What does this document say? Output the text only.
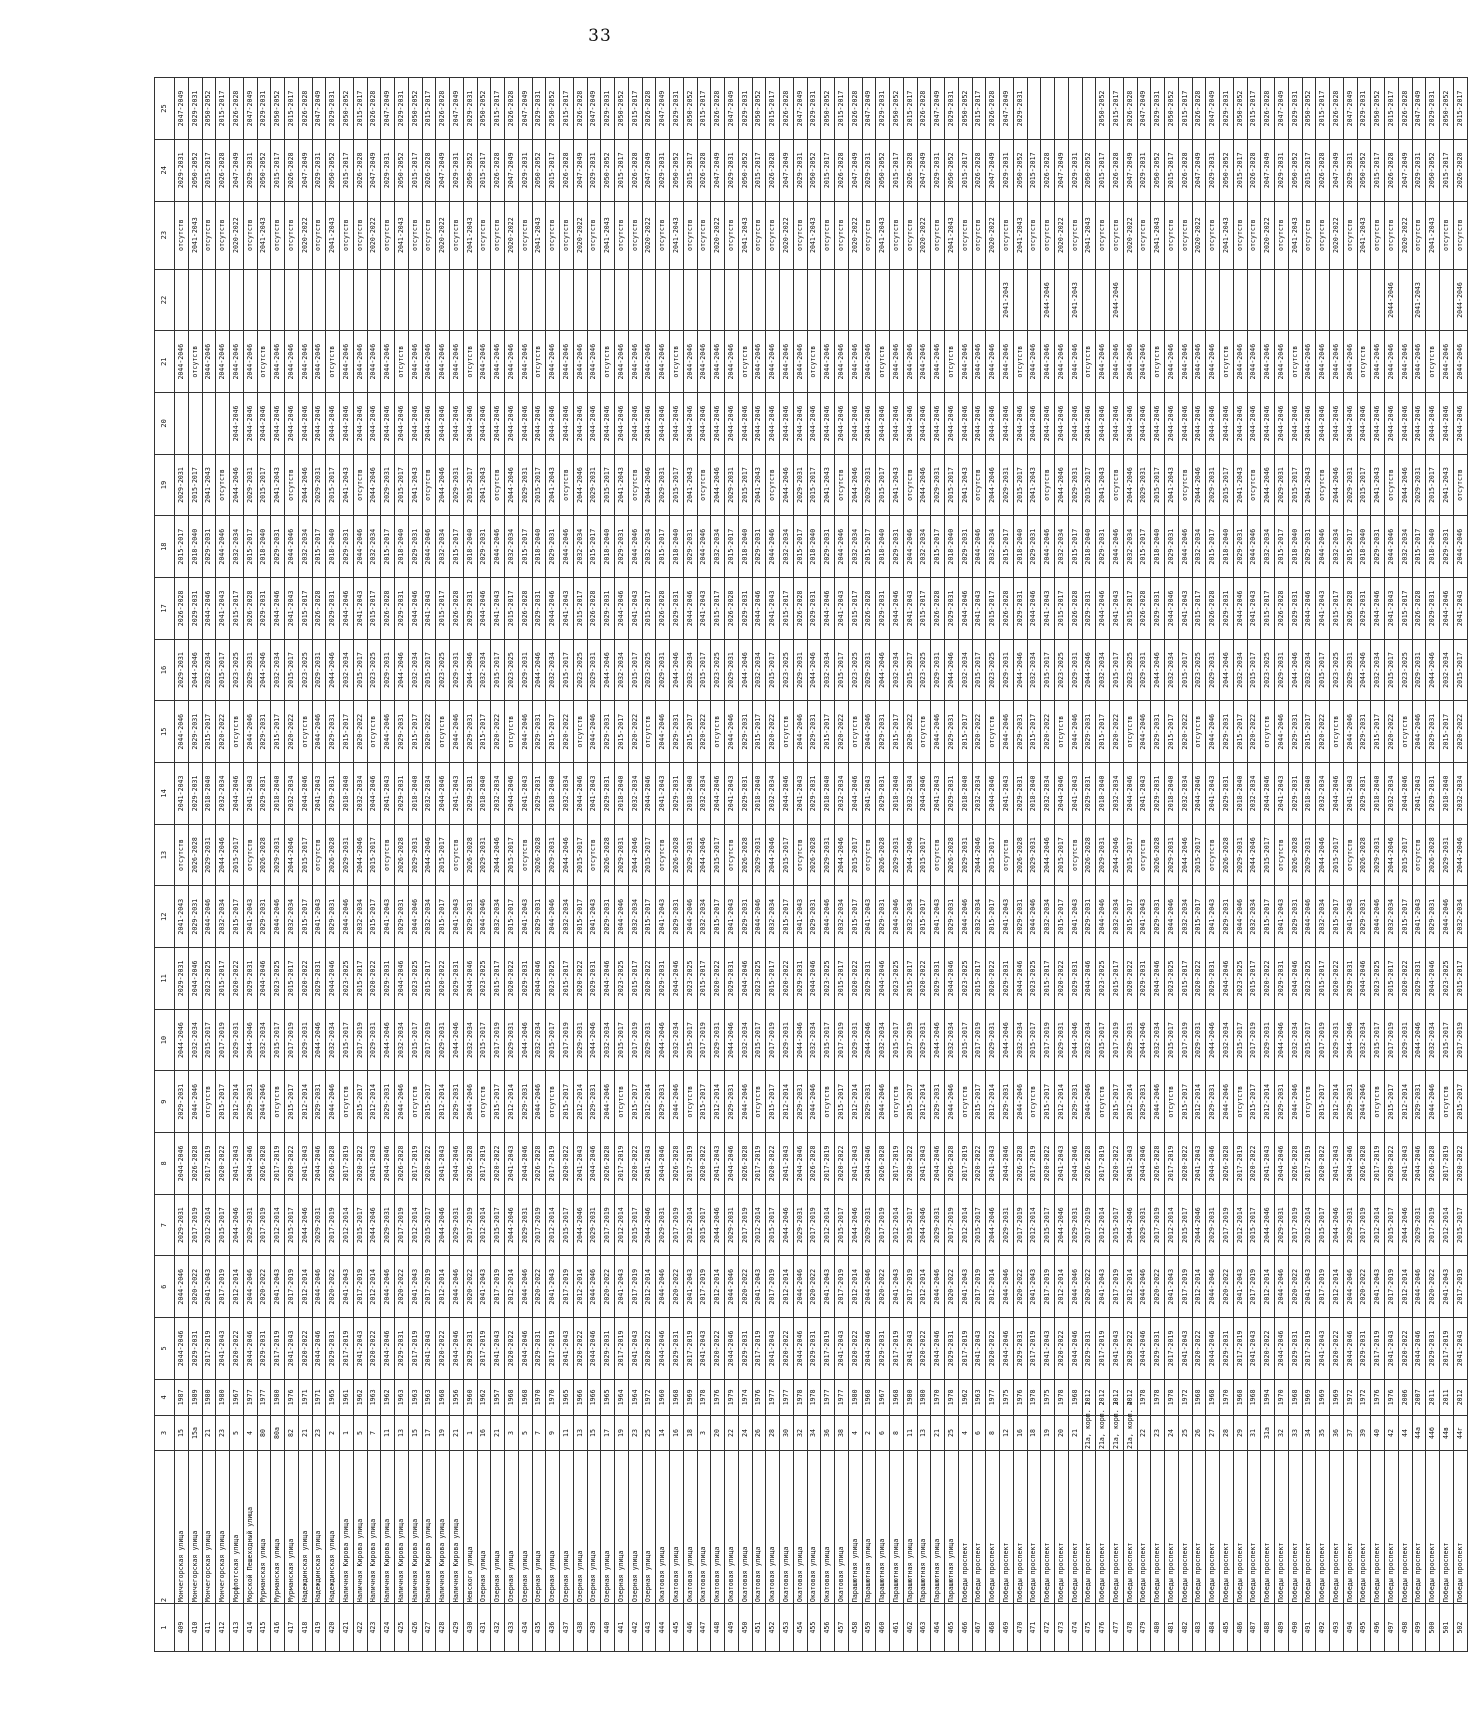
33
1	2	3	4	5	6	7	8	9	10	11	12	13	14	15	16	17	18	19	20	21	22	23	24	25
409	Мончегорская улица	15	1987	2044-2046	2044-2046	2029-2031	2044-2046	2029-2031	2044-2046	2029-2031	2041-2043	отсутств	2041-2043	2044-2046	2029-2031	2026-2028	2015-2017	2029-2031		2044-2046		отсутств	2029-2031	2047-2049
410	Мончегорская улица	15а	1989	2029-2031	2020-2022	2017-2019	2026-2028	2044-2046	2032-2034	2044-2046	2029-2031	2026-2028	2029-2031	2029-2031	2044-2046	2029-2031	2018-2040	2015-2017		отсутств		2041-2043	2050-2052	2029-2031
411	Мончегорская улица	21	1980	2017-2019	2041-2043	2012-2014	2017-2019	отсутств	2015-2017	2023-2025	2044-2046	2029-2031	2018-2040	2015-2017	2032-2034	2044-2046	2029-2031	2041-2043		2044-2046		отсутств	2015-2017	2050-2052
412	Мончегорская улица	23	1980	2041-2043	2017-2019	2015-2017	2020-2022	2015-2017	2017-2019	2015-2017	2032-2034	2044-2046	2032-2034	2020-2022	2015-2017	2041-2043	2044-2046	отсутств		2044-2046		отсутств	2026-2028	2015-2017
413	Морфлотская улица	5	1967	2020-2022	2012-2014	2044-2046	2041-2043	2012-2014	2029-2031	2020-2022	2015-2017	2015-2017	2044-2046	отсутств	2023-2025	2015-2017	2032-2034	2044-2046	2044-2046	2044-2046		2020-2022	2047-2049	2026-2028
414	Морской Пешеходный улица	4	1977	2044-2046	2044-2046	2029-2031	2044-2046	2029-2031	2044-2046	2029-2031	2041-2043	отсутств	2041-2043	2044-2046	2029-2031	2026-2028	2015-2017	2029-2031	2044-2046	2044-2046		отсутств	2029-2031	2047-2049
415	Мурманская улица	80	1977	2029-2031	2020-2022	2017-2019	2026-2028	2044-2046	2032-2034	2044-2046	2029-2031	2026-2028	2029-2031	2029-2031	2044-2046	2029-2031	2018-2040	2015-2017	2044-2046	отсутств		2041-2043	2050-2052	2029-2031
416	Мурманская улица	80а	1980	2017-2019	2041-2043	2012-2014	2017-2019	отсутств	2015-2017	2023-2025	2044-2046	2029-2031	2018-2040	2015-2017	2032-2034	2044-2046	2029-2031	2041-2043	2044-2046	2044-2046		отсутств	2015-2017	2050-2052
417	Мурманская улица	82	1976	2041-2043	2017-2019	2015-2017	2020-2022	2015-2017	2017-2019	2015-2017	2032-2034	2044-2046	2032-2034	2020-2022	2015-2017	2041-2043	2044-2046	отсутств	2044-2046	2044-2046		отсутств	2026-2028	2015-2017
418	Надеждинская улица	21	1971	2020-2022	2012-2014	2044-2046	2041-2043	2012-2014	2029-2031	2020-2022	2015-2017	2015-2017	2044-2046	отсутств	2023-2025	2015-2017	2032-2034	2044-2046	2044-2046	2044-2046		2020-2022	2047-2049	2026-2028
419	Надеждинская улица	23	1971	2044-2046	2044-2046	2029-2031	2044-2046	2029-2031	2044-2046	2029-2031	2041-2043	отсутств	2041-2043	2044-2046	2029-2031	2026-2028	2015-2017	2029-2031	2044-2046	2044-2046		отсутств	2029-2031	2047-2049
420	Надеждинская улица	2	1965	2029-2031	2020-2022	2017-2019	2026-2028	2044-2046	2032-2034	2044-2046	2029-2031	2026-2028	2029-2031	2029-2031	2044-2046	2029-2031	2018-2040	2015-2017	2044-2046	отсутств		2041-2043	2050-2052	2029-2031
421	Наличная Кирова улица	1	1961	2017-2019	2041-2043	2012-2014	2017-2019	отсутств	2015-2017	2023-2025	2044-2046	2029-2031	2018-2040	2015-2017	2032-2034	2044-2046	2029-2031	2041-2043	2044-2046	2044-2046		отсутств	2015-2017	2050-2052
422	Наличная Кирова улица	5	1962	2041-2043	2017-2019	2015-2017	2020-2022	2015-2017	2017-2019	2015-2017	2032-2034	2044-2046	2032-2034	2020-2022	2015-2017	2041-2043	2044-2046	отсутств	2044-2046	2044-2046		отсутств	2026-2028	2015-2017
423	Наличная Кирова улица	7	1963	2020-2022	2012-2014	2044-2046	2041-2043	2012-2014	2029-2031	2020-2022	2015-2017	2015-2017	2044-2046	отсутств	2023-2025	2015-2017	2032-2034	2044-2046	2044-2046	2044-2046		2020-2022	2047-2049	2026-2028
424	Наличная Кирова улица	11	1962	2044-2046	2044-2046	2029-2031	2044-2046	2029-2031	2044-2046	2029-2031	2041-2043	отсутств	2041-2043	2044-2046	2029-2031	2026-2028	2015-2017	2029-2031	2044-2046	2044-2046		отсутств	2029-2031	2047-2049
425	Наличная Кирова улица	13	1963	2029-2031	2020-2022	2017-2019	2026-2028	2044-2046	2032-2034	2044-2046	2029-2031	2026-2028	2029-2031	2029-2031	2044-2046	2029-2031	2018-2040	2015-2017	2044-2046	отсутств		2041-2043	2050-2052	2029-2031
426	Наличная Кирова улица	15	1963	2017-2019	2041-2043	2012-2014	2017-2019	отсутств	2015-2017	2023-2025	2044-2046	2029-2031	2018-2040	2015-2017	2032-2034	2044-2046	2029-2031	2041-2043	2044-2046	2044-2046		отсутств	2015-2017	2050-2052
427	Наличная Кирова улица	17	1963	2041-2043	2017-2019	2015-2017	2020-2022	2015-2017	2017-2019	2015-2017	2032-2034	2044-2046	2032-2034	2020-2022	2015-2017	2041-2043	2044-2046	отсутств	2044-2046	2044-2046		отсутств	2026-2028	2015-2017
428	Наличная Кирова улица	19	1968	2020-2022	2012-2014	2044-2046	2041-2043	2012-2014	2029-2031	2020-2022	2015-2017	2015-2017	2044-2046	отсутств	2023-2025	2015-2017	2032-2034	2044-2046	2044-2046	2044-2046		2020-2022	2047-2049	2026-2028
429	Наличная Кирова улица	21	1956	2044-2046	2044-2046	2029-2031	2044-2046	2029-2031	2044-2046	2029-2031	2041-2043	отсутств	2041-2043	2044-2046	2029-2031	2026-2028	2015-2017	2029-2031	2044-2046	2044-2046		отсутств	2029-2031	2047-2049
430	Невского улица	1	1960	2029-2031	2020-2022	2017-2019	2026-2028	2044-2046	2032-2034	2044-2046	2029-2031	2026-2028	2029-2031	2029-2031	2044-2046	2029-2031	2018-2040	2015-2017	2044-2046	отсутств		2041-2043	2050-2052	2029-2031
431	Озерная улица	16	1962	2017-2019	2041-2043	2012-2014	2017-2019	отсутств	2015-2017	2023-2025	2044-2046	2029-2031	2018-2040	2015-2017	2032-2034	2044-2046	2029-2031	2041-2043	2044-2046	2044-2046		отсутств	2015-2017	2050-2052
432	Озерная улица	21	1957	2041-2043	2017-2019	2015-2017	2020-2022	2015-2017	2017-2019	2015-2017	2032-2034	2044-2046	2032-2034	2020-2022	2015-2017	2041-2043	2044-2046	отсутств	2044-2046	2044-2046		отсутств	2026-2028	2015-2017
433	Озерная улица	3	1968	2020-2022	2012-2014	2044-2046	2041-2043	2012-2014	2029-2031	2020-2022	2015-2017	2015-2017	2044-2046	отсутств	2023-2025	2015-2017	2032-2034	2044-2046	2044-2046	2044-2046		2020-2022	2047-2049	2026-2028
434	Озерная улица	5	1968	2044-2046	2044-2046	2029-2031	2044-2046	2029-2031	2044-2046	2029-2031	2041-2043	отсутств	2041-2043	2044-2046	2029-2031	2026-2028	2015-2017	2029-2031	2044-2046	2044-2046		отсутств	2029-2031	2047-2049
435	Озерная улица	7	1970	2029-2031	2020-2022	2017-2019	2026-2028	2044-2046	2032-2034	2044-2046	2029-2031	2026-2028	2029-2031	2029-2031	2044-2046	2029-2031	2018-2040	2015-2017	2044-2046	отсутств		2041-2043	2050-2052	2029-2031
436	Озерная улица	9	1970	2017-2019	2041-2043	2012-2014	2017-2019	отсутств	2015-2017	2023-2025	2044-2046	2029-2031	2018-2040	2015-2017	2032-2034	2044-2046	2029-2031	2041-2043	2044-2046	2044-2046		отсутств	2015-2017	2050-2052
437	Озерная улица	11	1965	2041-2043	2017-2019	2015-2017	2020-2022	2015-2017	2017-2019	2015-2017	2032-2034	2044-2046	2032-2034	2020-2022	2015-2017	2041-2043	2044-2046	отсутств	2044-2046	2044-2046		отсутств	2026-2028	2015-2017
438	Озерная улица	13	1966	2020-2022	2012-2014	2044-2046	2041-2043	2012-2014	2029-2031	2020-2022	2015-2017	2015-2017	2044-2046	отсутств	2023-2025	2015-2017	2032-2034	2044-2046	2044-2046	2044-2046		2020-2022	2047-2049	2026-2028
439	Озерная улица	15	1966	2044-2046	2044-2046	2029-2031	2044-2046	2029-2031	2044-2046	2029-2031	2041-2043	отсутств	2041-2043	2044-2046	2029-2031	2026-2028	2015-2017	2029-2031	2044-2046	2044-2046		отсутств	2029-2031	2047-2049
440	Озерная улица	17	1965	2029-2031	2020-2022	2017-2019	2026-2028	2044-2046	2032-2034	2044-2046	2029-2031	2026-2028	2029-2031	2029-2031	2044-2046	2029-2031	2018-2040	2015-2017	2044-2046	отсутств		2041-2043	2050-2052	2029-2031
441	Озерная улица	19	1964	2017-2019	2041-2043	2012-2014	2017-2019	отсутств	2015-2017	2023-2025	2044-2046	2029-2031	2018-2040	2015-2017	2032-2034	2044-2046	2029-2031	2041-2043	2044-2046	2044-2046		отсутств	2015-2017	2050-2052
442	Озерная улица	23	1964	2041-2043	2017-2019	2015-2017	2020-2022	2015-2017	2017-2019	2015-2017	2032-2034	2044-2046	2032-2034	2020-2022	2015-2017	2041-2043	2044-2046	отсутств	2044-2046	2044-2046		отсутств	2026-2028	2015-2017
443	Озерная улица	25	1972	2020-2022	2012-2014	2044-2046	2041-2043	2012-2014	2029-2031	2020-2022	2015-2017	2015-2017	2044-2046	отсутств	2023-2025	2015-2017	2032-2034	2044-2046	2044-2046	2044-2046		2020-2022	2047-2049	2026-2028
444	Окатовая улица	14	1960	2044-2046	2044-2046	2029-2031	2044-2046	2029-2031	2044-2046	2029-2031	2041-2043	отсутств	2041-2043	2044-2046	2029-2031	2026-2028	2015-2017	2029-2031	2044-2046	2044-2046		отсутств	2029-2031	2047-2049
445	Окатовая улица	16	1968	2029-2031	2020-2022	2017-2019	2026-2028	2044-2046	2032-2034	2044-2046	2029-2031	2026-2028	2029-2031	2029-2031	2044-2046	2029-2031	2018-2040	2015-2017	2044-2046	отсутств		2041-2043	2050-2052	2029-2031
446	Окатовая улица	18	1969	2017-2019	2041-2043	2012-2014	2017-2019	отсутств	2015-2017	2023-2025	2044-2046	2029-2031	2018-2040	2015-2017	2032-2034	2044-2046	2029-2031	2041-2043	2044-2046	2044-2046		отсутств	2015-2017	2050-2052
447	Окатовая улица	3	1978	2041-2043	2017-2019	2015-2017	2020-2022	2015-2017	2017-2019	2015-2017	2032-2034	2044-2046	2032-2034	2020-2022	2015-2017	2041-2043	2044-2046	отсутств	2044-2046	2044-2046		отсутств	2026-2028	2015-2017
448	Окатовая улица	20	1976	2020-2022	2012-2014	2044-2046	2041-2043	2012-2014	2029-2031	2020-2022	2015-2017	2015-2017	2044-2046	отсутств	2023-2025	2015-2017	2032-2034	2044-2046	2044-2046	2044-2046		2020-2022	2047-2049	2026-2028
449	Окатовая улица	22	1979	2044-2046	2044-2046	2029-2031	2044-2046	2029-2031	2044-2046	2029-2031	2041-2043	отсутств	2041-2043	2044-2046	2029-2031	2026-2028	2015-2017	2029-2031	2044-2046	2044-2046		отсутств	2029-2031	2047-2049
450	Окатовая улица	24	1974	2029-2031	2020-2022	2017-2019	2026-2028	2044-2046	2032-2034	2044-2046	2029-2031	2026-2028	2029-2031	2029-2031	2044-2046	2029-2031	2018-2040	2015-2017	2044-2046	отсутств		2041-2043	2050-2052	2029-2031
451	Окатовая улица	26	1976	2017-2019	2041-2043	2012-2014	2017-2019	отсутств	2015-2017	2023-2025	2044-2046	2029-2031	2018-2040	2015-2017	2032-2034	2044-2046	2029-2031	2041-2043	2044-2046	2044-2046		отсутств	2015-2017	2050-2052
452	Окатовая улица	28	1977	2041-2043	2017-2019	2015-2017	2020-2022	2015-2017	2017-2019	2015-2017	2032-2034	2044-2046	2032-2034	2020-2022	2015-2017	2041-2043	2044-2046	отсутств	2044-2046	2044-2046		отсутств	2026-2028	2015-2017
453	Окатовая улица	30	1977	2020-2022	2012-2014	2044-2046	2041-2043	2012-2014	2029-2031	2020-2022	2015-2017	2015-2017	2044-2046	отсутств	2023-2025	2015-2017	2032-2034	2044-2046	2044-2046	2044-2046		2020-2022	2047-2049	2026-2028
454	Окатовая улица	32	1978	2044-2046	2044-2046	2029-2031	2044-2046	2029-2031	2044-2046	2029-2031	2041-2043	отсутств	2041-2043	2044-2046	2029-2031	2026-2028	2015-2017	2029-2031	2044-2046	2044-2046		отсутств	2029-2031	2047-2049
455	Окатовая улица	34	1978	2029-2031	2020-2022	2017-2019	2026-2028	2044-2046	2032-2034	2044-2046	2029-2031	2026-2028	2029-2031	2029-2031	2044-2046	2029-2031	2018-2040	2015-2017	2044-2046	отсутств		2041-2043	2050-2052	2029-2031
456	Окатовая улица	36	1977	2017-2019	2041-2043	2012-2014	2017-2019	отсутств	2015-2017	2023-2025	2044-2046	2029-2031	2018-2040	2015-2017	2032-2034	2044-2046	2029-2031	2041-2043	2044-2046	2044-2046		отсутств	2015-2017	2050-2052
457	Окатовая улица	38	1977	2041-2043	2017-2019	2015-2017	2020-2022	2015-2017	2017-2019	2015-2017	2032-2034	2044-2046	2032-2034	2020-2022	2015-2017	2041-2043	2044-2046	отсутств	2044-2046	2044-2046		отсутств	2026-2028	2015-2017
458	Парашютная улица	4	1980	2020-2022	2012-2014	2044-2046	2041-2043	2012-2014	2029-2031	2020-2022	2015-2017	2015-2017	2044-2046	отсутств	2023-2025	2015-2017	2032-2034	2044-2046	2044-2046	2044-2046		2020-2022	2047-2049	2026-2028
459	Парашютная улица	2	1968	2044-2046	2044-2046	2029-2031	2044-2046	2029-2031	2044-2046	2029-2031	2041-2043	отсутств	2041-2043	2044-2046	2029-2031	2026-2028	2015-2017	2029-2031	2044-2046	2044-2046		отсутств	2029-2031	2047-2049
460	Парашютная улица	6	1967	2029-2031	2020-2022	2017-2019	2026-2028	2044-2046	2032-2034	2044-2046	2029-2031	2026-2028	2029-2031	2029-2031	2044-2046	2029-2031	2018-2040	2015-2017	2044-2046	отсутств		2041-2043	2050-2052	2029-2031
461	Парашютная улица	8	1968	2017-2019	2041-2043	2012-2014	2017-2019	отсутств	2015-2017	2023-2025	2044-2046	2029-2031	2018-2040	2015-2017	2032-2034	2044-2046	2029-2031	2041-2043	2044-2046	2044-2046		отсутств	2015-2017	2050-2052
462	Парашютная улица	11	1980	2041-2043	2017-2019	2015-2017	2020-2022	2015-2017	2017-2019	2015-2017	2032-2034	2044-2046	2032-2034	2020-2022	2015-2017	2041-2043	2044-2046	отсутств	2044-2046	2044-2046		отсутств	2026-2028	2015-2017
463	Парашютная улица	13	1980	2020-2022	2012-2014	2044-2046	2041-2043	2012-2014	2029-2031	2020-2022	2015-2017	2015-2017	2044-2046	отсутств	2023-2025	2015-2017	2032-2034	2044-2046	2044-2046	2044-2046		2020-2022	2047-2049	2026-2028
464	Парашютная улица	21	1970	2044-2046	2044-2046	2029-2031	2044-2046	2029-2031	2044-2046	2029-2031	2041-2043	отсутств	2041-2043	2044-2046	2029-2031	2026-2028	2015-2017	2029-2031	2044-2046	2044-2046		отсутств	2029-2031	2047-2049
465	Парашютная улица	25	1978	2029-2031	2020-2022	2017-2019	2026-2028	2044-2046	2032-2034	2044-2046	2029-2031	2026-2028	2029-2031	2029-2031	2044-2046	2029-2031	2018-2040	2015-2017	2044-2046	отсутств		2041-2043	2050-2052	2029-2031
466	Победы проспект	4	1962	2017-2019	2041-2043	2012-2014	2017-2019	отсутств	2015-2017	2023-2025	2044-2046	2029-2031	2018-2040	2015-2017	2032-2034	2044-2046	2029-2031	2041-2043	2044-2046	2044-2046		отсутств	2015-2017	2050-2052
467	Победы проспект	6	1963	2041-2043	2017-2019	2015-2017	2020-2022	2015-2017	2017-2019	2015-2017	2032-2034	2044-2046	2032-2034	2020-2022	2015-2017	2041-2043	2044-2046	отсутств	2044-2046	2044-2046		отсутств	2026-2028	2015-2017
468	Победы проспект	8	1977	2020-2022	2012-2014	2044-2046	2041-2043	2012-2014	2029-2031	2020-2022	2015-2017	2015-2017	2044-2046	отсутств	2023-2025	2015-2017	2032-2034	2044-2046	2044-2046	2044-2046		2020-2022	2047-2049	2026-2028
469	Победы проспект	12	1975	2044-2046	2044-2046	2029-2031	2044-2046	2029-2031	2044-2046	2029-2031	2041-2043	отсутств	2041-2043	2044-2046	2029-2031	2026-2028	2015-2017	2029-2031	2044-2046	2044-2046	2041-2043	отсутств	2029-2031	2047-2049
470	Победы проспект	16	1976	2029-2031	2020-2022	2017-2019	2026-2028	2044-2046	2032-2034	2044-2046	2029-2031	2026-2028	2029-2031	2029-2031	2044-2046	2029-2031	2018-2040	2015-2017	2044-2046	отсутств		2041-2043	2050-2052	2029-2031
471	Победы проспект	18	1978	2017-2019	2041-2043	2012-2014	2017-2019	отсутств	2015-2017	2023-2025	2044-2046	2029-2031	2018-2040	2015-2017	2032-2034	2044-2046	2029-2031	2041-2043	2044-2046	2044-2046		отсутств	2015-2017	
472	Победы проспект	19	1975	2041-2043	2017-2019	2015-2017	2020-2022	2015-2017	2017-2019	2015-2017	2032-2034	2044-2046	2032-2034	2020-2022	2015-2017	2041-2043	2044-2046	отсутств	2044-2046	2044-2046	2044-2046	отсутств	2026-2028	
473	Победы проспект	20	1978	2020-2022	2012-2014	2044-2046	2041-2043	2012-2014	2029-2031	2020-2022	2015-2017	2015-2017	2044-2046	отсутств	2023-2025	2015-2017	2032-2034	2044-2046	2044-2046	2044-2046		2020-2022	2047-2049	
474	Победы проспект	21	1968	2044-2046	2044-2046	2029-2031	2044-2046	2029-2031	2044-2046	2029-2031	2041-2043	отсутств	2041-2043	2044-2046	2029-2031	2026-2028	2015-2017	2029-2031	2044-2046	2044-2046	2041-2043	отсутств	2029-2031	
475	Победы проспект	21а, корп. 1	2012	2029-2031	2020-2022	2017-2019	2026-2028	2044-2046	2032-2034	2044-2046	2029-2031	2026-2028	2029-2031	2029-2031	2044-2046	2029-2031	2018-2040	2015-2017	2044-2046	отсутств		2041-2043	2050-2052	
476	Победы проспект	21а, корп. 2	2012	2017-2019	2041-2043	2012-2014	2017-2019	отсутств	2015-2017	2023-2025	2044-2046	2029-2031	2018-2040	2015-2017	2032-2034	2044-2046	2029-2031	2041-2043	2044-2046	2044-2046		отсутств	2015-2017	2050-2052
477	Победы проспект	21а, корп. 3	2012	2041-2043	2017-2019	2015-2017	2020-2022	2015-2017	2017-2019	2015-2017	2032-2034	2044-2046	2032-2034	2020-2022	2015-2017	2041-2043	2044-2046	отсутств	2044-2046	2044-2046	2044-2046	отсутств	2026-2028	2015-2017
478	Победы проспект	21а, корп. 4	2012	2020-2022	2012-2014	2044-2046	2041-2043	2012-2014	2029-2031	2020-2022	2015-2017	2015-2017	2044-2046	отсутств	2023-2025	2015-2017	2032-2034	2044-2046	2044-2046	2044-2046		2020-2022	2047-2049	2026-2028
479	Победы проспект	22	1978	2044-2046	2044-2046	2029-2031	2044-2046	2029-2031	2044-2046	2029-2031	2041-2043	отсутств	2041-2043	2044-2046	2029-2031	2026-2028	2015-2017	2029-2031	2044-2046	2044-2046		отсутств	2029-2031	2047-2049
480	Победы проспект	23	1978	2029-2031	2020-2022	2017-2019	2026-2028	2044-2046	2032-2034	2044-2046	2029-2031	2026-2028	2029-2031	2029-2031	2044-2046	2029-2031	2018-2040	2015-2017	2044-2046	отсутств		2041-2043	2050-2052	2029-2031
481	Победы проспект	24	1978	2017-2019	2041-2043	2012-2014	2017-2019	отсутств	2015-2017	2023-2025	2044-2046	2029-2031	2018-2040	2015-2017	2032-2034	2044-2046	2029-2031	2041-2043	2044-2046	2044-2046		отсутств	2015-2017	2050-2052
482	Победы проспект	25	1972	2041-2043	2017-2019	2015-2017	2020-2022	2015-2017	2017-2019	2015-2017	2032-2034	2044-2046	2032-2034	2020-2022	2015-2017	2041-2043	2044-2046	отсутств	2044-2046	2044-2046		отсутств	2026-2028	2015-2017
483	Победы проспект	26	1968	2020-2022	2012-2014	2044-2046	2041-2043	2012-2014	2029-2031	2020-2022	2015-2017	2015-2017	2044-2046	отсутств	2023-2025	2015-2017	2032-2034	2044-2046	2044-2046	2044-2046		2020-2022	2047-2049	2026-2028
484	Победы проспект	27	1968	2044-2046	2044-2046	2029-2031	2044-2046	2029-2031	2044-2046	2029-2031	2041-2043	отсутств	2041-2043	2044-2046	2029-2031	2026-2028	2015-2017	2029-2031	2044-2046	2044-2046		отсутств	2029-2031	2047-2049
485	Победы проспект	28	1970	2029-2031	2020-2022	2017-2019	2026-2028	2044-2046	2032-2034	2044-2046	2029-2031	2026-2028	2029-2031	2029-2031	2044-2046	2029-2031	2018-2040	2015-2017	2044-2046	отсутств		2041-2043	2050-2052	2029-2031
486	Победы проспект	29	1968	2017-2019	2041-2043	2012-2014	2017-2019	отсутств	2015-2017	2023-2025	2044-2046	2029-2031	2018-2040	2015-2017	2032-2034	2044-2046	2029-2031	2041-2043	2044-2046	2044-2046		отсутств	2015-2017	2050-2052
487	Победы проспект	31	1968	2041-2043	2017-2019	2015-2017	2020-2022	2015-2017	2017-2019	2015-2017	2032-2034	2044-2046	2032-2034	2020-2022	2015-2017	2041-2043	2044-2046	отсутств	2044-2046	2044-2046		отсутств	2026-2028	2015-2017
488	Победы проспект	31а	1994	2020-2022	2012-2014	2044-2046	2041-2043	2012-2014	2029-2031	2020-2022	2015-2017	2015-2017	2044-2046	отсутств	2023-2025	2015-2017	2032-2034	2044-2046	2044-2046	2044-2046		2020-2022	2047-2049	2026-2028
489	Победы проспект	32	1970	2044-2046	2044-2046	2029-2031	2044-2046	2029-2031	2044-2046	2029-2031	2041-2043	отсутств	2041-2043	2044-2046	2029-2031	2026-2028	2015-2017	2029-2031	2044-2046	2044-2046		отсутств	2029-2031	2047-2049
490	Победы проспект	33	1968	2029-2031	2020-2022	2017-2019	2026-2028	2044-2046	2032-2034	2044-2046	2029-2031	2026-2028	2029-2031	2029-2031	2044-2046	2029-2031	2018-2040	2015-2017	2044-2046	отсутств		2041-2043	2050-2052	2029-2031
491	Победы проспект	34	1969	2017-2019	2041-2043	2012-2014	2017-2019	отсутств	2015-2017	2023-2025	2044-2046	2029-2031	2018-2040	2015-2017	2032-2034	2044-2046	2029-2031	2041-2043	2044-2046	2044-2046		отсутств	2015-2017	2050-2052
492	Победы проспект	35	1969	2041-2043	2017-2019	2015-2017	2020-2022	2015-2017	2017-2019	2015-2017	2032-2034	2044-2046	2032-2034	2020-2022	2015-2017	2041-2043	2044-2046	отсутств	2044-2046	2044-2046		отсутств	2026-2028	2015-2017
493	Победы проспект	36	1969	2020-2022	2012-2014	2044-2046	2041-2043	2012-2014	2029-2031	2020-2022	2015-2017	2015-2017	2044-2046	отсутств	2023-2025	2015-2017	2032-2034	2044-2046	2044-2046	2044-2046		2020-2022	2047-2049	2026-2028
494	Победы проспект	37	1972	2044-2046	2044-2046	2029-2031	2044-2046	2029-2031	2044-2046	2029-2031	2041-2043	отсутств	2041-2043	2044-2046	2029-2031	2026-2028	2015-2017	2029-2031	2044-2046	2044-2046		отсутств	2029-2031	2047-2049
495	Победы проспект	39	1972	2029-2031	2020-2022	2017-2019	2026-2028	2044-2046	2032-2034	2044-2046	2029-2031	2026-2028	2029-2031	2029-2031	2044-2046	2029-2031	2018-2040	2015-2017	2044-2046	отсутств		2041-2043	2050-2052	2029-2031
496	Победы проспект	40	1976	2017-2019	2041-2043	2012-2014	2017-2019	отсутств	2015-2017	2023-2025	2044-2046	2029-2031	2018-2040	2015-2017	2032-2034	2044-2046	2029-2031	2041-2043	2044-2046	2044-2046		отсутств	2015-2017	2050-2052
497	Победы проспект	42	1976	2041-2043	2017-2019	2015-2017	2020-2022	2015-2017	2017-2019	2015-2017	2032-2034	2044-2046	2032-2034	2020-2022	2015-2017	2041-2043	2044-2046	отсутств	2044-2046	2044-2046	2044-2046	отсутств	2026-2028	2015-2017
498	Победы проспект	44	2006	2020-2022	2012-2014	2044-2046	2041-2043	2012-2014	2029-2031	2020-2022	2015-2017	2015-2017	2044-2046	отсутств	2023-2025	2015-2017	2032-2034	2044-2046	2044-2046	2044-2046		2020-2022	2047-2049	2026-2028
499	Победы проспект	44а	2007	2044-2046	2044-2046	2029-2031	2044-2046	2029-2031	2044-2046	2029-2031	2041-2043	отсутств	2041-2043	2044-2046	2029-2031	2026-2028	2015-2017	2029-2031	2044-2046	2044-2046	2041-2043	отсутств	2029-2031	2047-2049
500	Победы проспект	44б	2011	2029-2031	2020-2022	2017-2019	2026-2028	2044-2046	2032-2034	2044-2046	2029-2031	2026-2028	2029-2031	2029-2031	2044-2046	2029-2031	2018-2040	2015-2017	2044-2046	отсутств		2041-2043	2050-2052	2029-2031
501	Победы проспект	44в	2011	2017-2019	2041-2043	2012-2014	2017-2019	отсутств	2015-2017	2023-2025	2044-2046	2029-2031	2018-2040	2015-2017	2032-2034	2044-2046	2029-2031	2041-2043	2044-2046	2044-2046		отсутств	2015-2017	2050-2052
502	Победы проспект	44г	2012	2041-2043	2017-2019	2015-2017	2020-2022	2015-2017	2017-2019	2015-2017	2032-2034	2044-2046	2032-2034	2020-2022	2015-2017	2041-2043	2044-2046	отсутств	2044-2046	2044-2046	2044-2046	отсутств	2026-2028	2015-2017
